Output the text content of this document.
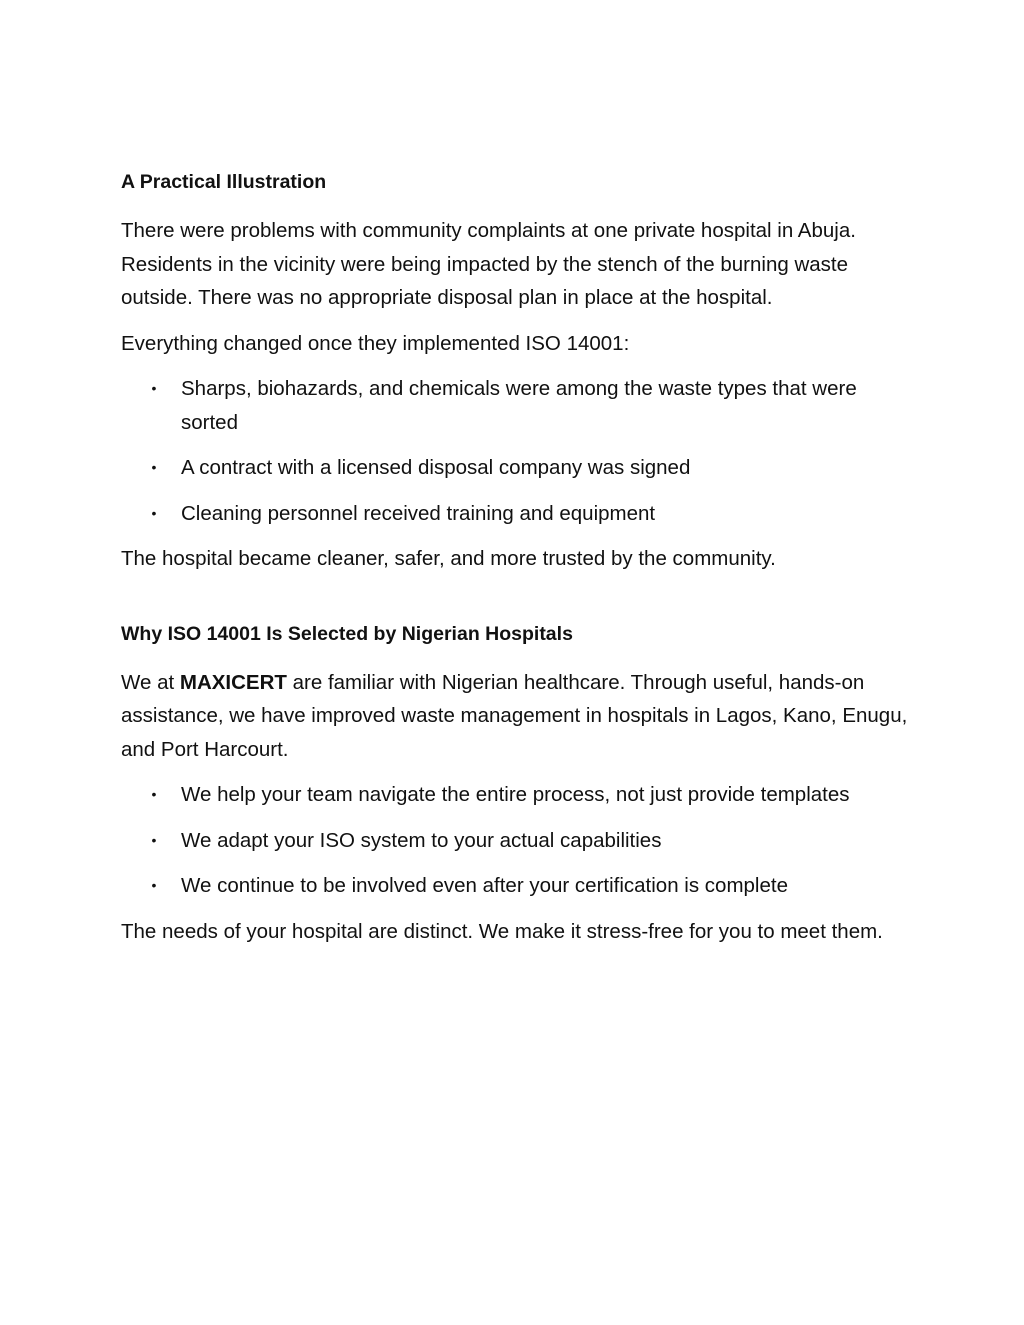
A Practical Illustration

There were problems with community complaints at one private hospital in Abuja. Residents in the vicinity were being impacted by the stench of the burning waste outside. There was no appropriate disposal plan in place at the hospital.

Everything changed once they implemented ISO 14001:

• Sharps, biohazards, and chemicals were among the waste types that were sorted
• A contract with a licensed disposal company was signed
• Cleaning personnel received training and equipment

The hospital became cleaner, safer, and more trusted by the community.

Why ISO 14001 Is Selected by Nigerian Hospitals

We at MAXICERT are familiar with Nigerian healthcare. Through useful, hands-on assistance, we have improved waste management in hospitals in Lagos, Kano, Enugu, and Port Harcourt.

• We help your team navigate the entire process, not just provide templates
• We adapt your ISO system to your actual capabilities
• We continue to be involved even after your certification is complete

The needs of your hospital are distinct. We make it stress-free for you to meet them.
